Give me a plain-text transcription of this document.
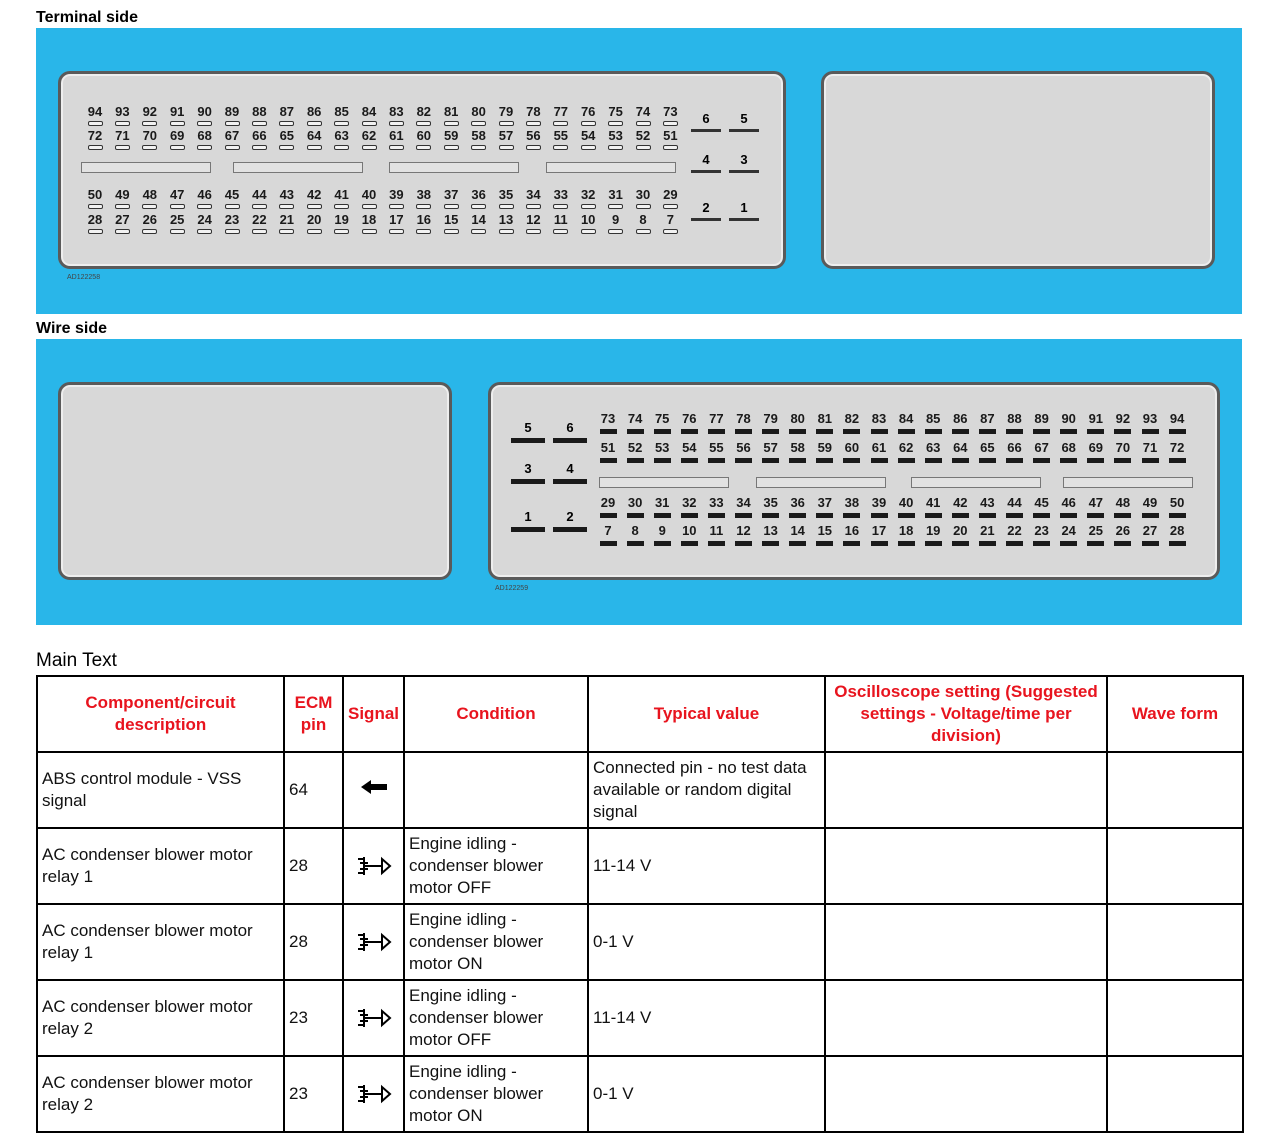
Terminal side
94 93 92 91 90 89 88 87 86 85 84 83 82 81 80 79 78 77 76 75 74 73
72 71 70 69 68 67 66 65 64 63 62 61 60 59 58 57 56 55 54 53 52 51
50 49 48 47 46 45 44 43 42 41 40 39 38 37 36 35 34 33 32 31 30 29
28 27 26 25 24 23 22 21 20 19 18 17 16 15 14 13 12	11	10	9	8	7
6	5
4	3
2	1
AD122258
Wire side
73 74 75 76 77 78 79 80 81 82 83 84 85 86 87 88 89 90 91 92 93 94
51 52 53 54 55 56 57 58 59 60 61 62 63 64 65 66 67 68 69 70 71 72
29 30 31 32 33 34 35 36 37 38 39 40 41 42 43 44 45 46 47 48 49 50
7	8	9	10 11	12 13 14 15 16 17 18 19 20 21 22 23 24 25 26 27 28
5	6
3	4
1	2
AD122259
Main Text
Component/circuit description	ECM pin	Signal	Condition	Typical value	Oscilloscope setting (Suggested settings - Voltage/time per division)	Wave form
ABS control module - VSS signal	64			Connected pin - no test data available or random digital signal		
AC condenser blower motor relay 1	28		Engine idling - condenser blower motor OFF	11-14 V		
AC condenser blower motor relay 1	28		Engine idling - condenser blower motor ON	0-1 V		
AC condenser blower motor relay 2	23		Engine idling - condenser blower motor OFF	11-14 V		
AC condenser blower motor relay 2	23		Engine idling - condenser blower motor ON	0-1 V		
